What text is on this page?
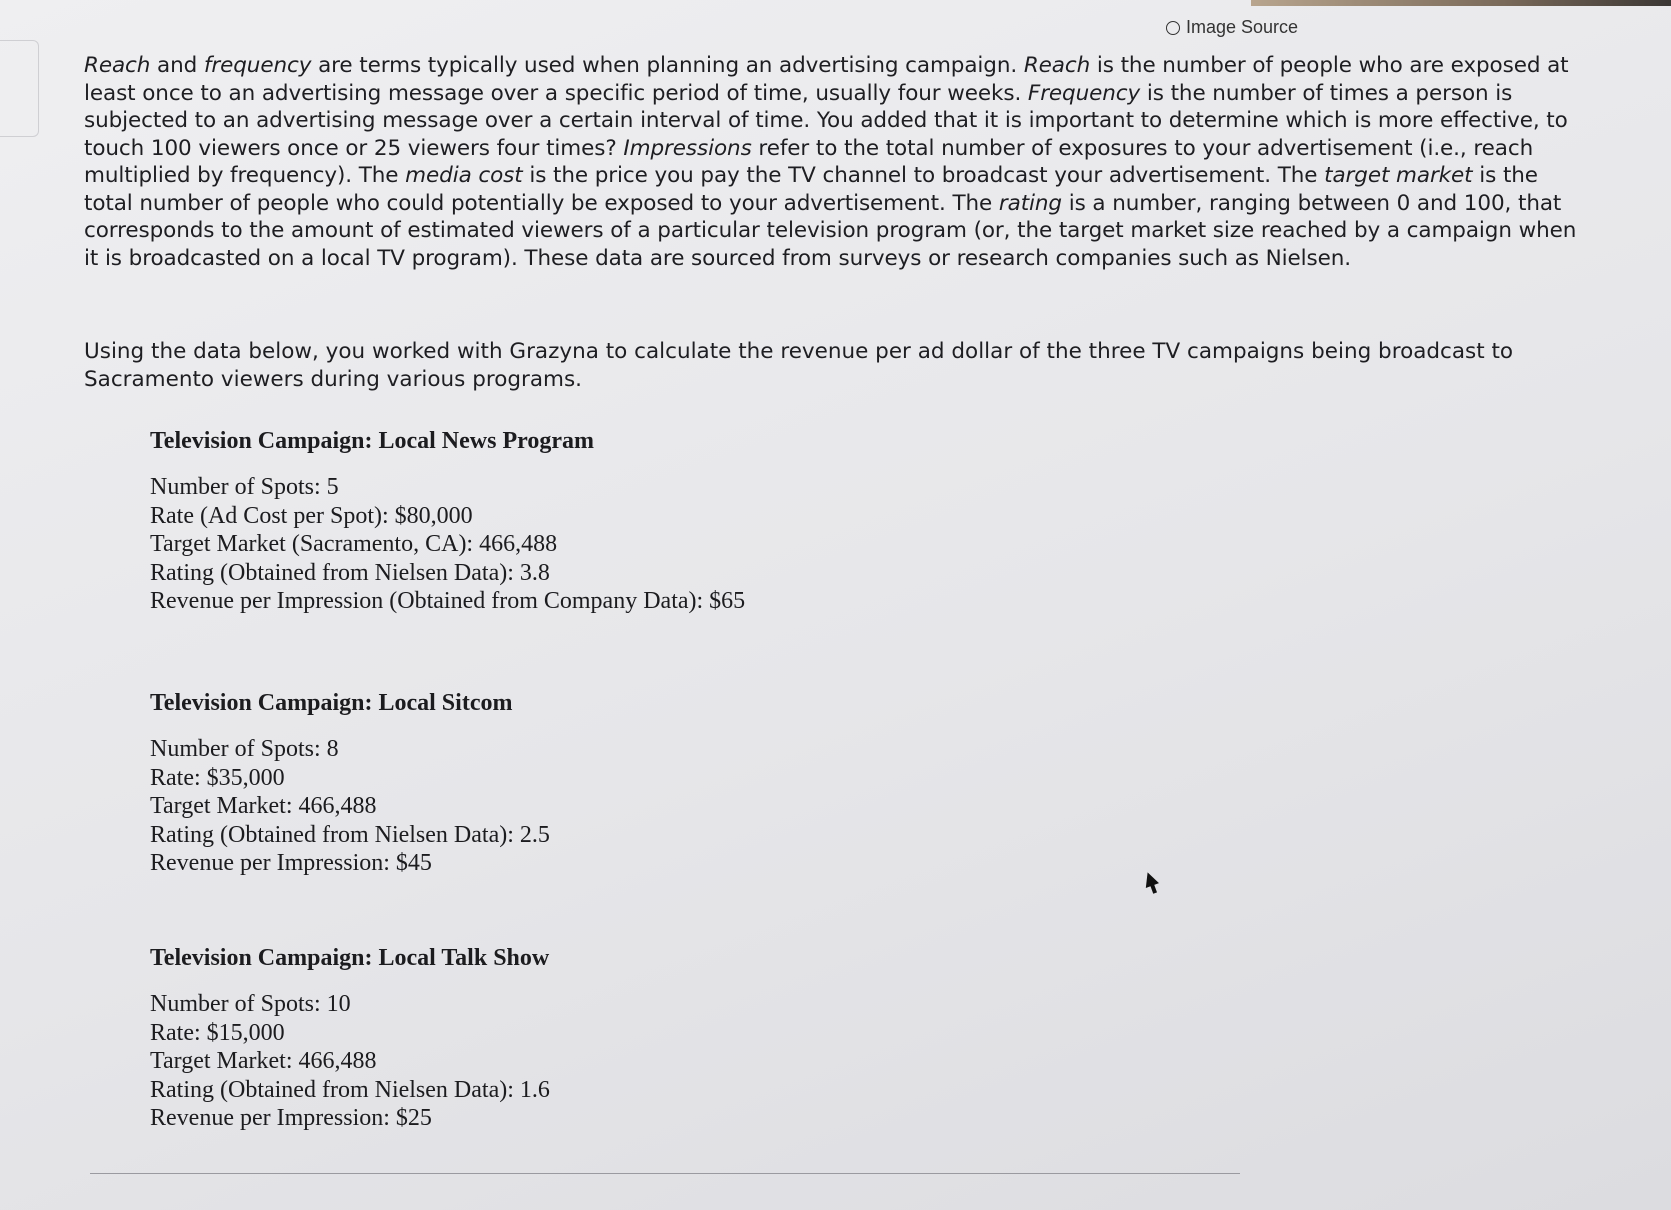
Image Source

Reach and frequency are terms typically used when planning an advertising campaign. Reach is the number of people who are exposed at least once to an advertising message over a specific period of time, usually four weeks. Frequency is the number of times a person is subjected to an advertising message over a certain interval of time. You added that it is important to determine which is more effective, to touch 100 viewers once or 25 viewers four times? Impressions refer to the total number of exposures to your advertisement (i.e., reach multiplied by frequency). The media cost is the price you pay the TV channel to broadcast your advertisement. The target market is the total number of people who could potentially be exposed to your advertisement. The rating is a number, ranging between 0 and 100, that corresponds to the amount of estimated viewers of a particular television program (or, the target market size reached by a campaign when it is broadcasted on a local TV program). These data are sourced from surveys or research companies such as Nielsen.

Using the data below, you worked with Grazyna to calculate the revenue per ad dollar of the three TV campaigns being broadcast to Sacramento viewers during various programs.

Television Campaign: Local News Program
Number of Spots: 5
Rate (Ad Cost per Spot): $80,000
Target Market (Sacramento, CA): 466,488
Rating (Obtained from Nielsen Data): 3.8
Revenue per Impression (Obtained from Company Data): $65
Television Campaign: Local Sitcom
Number of Spots: 8
Rate: $35,000
Target Market: 466,488
Rating (Obtained from Nielsen Data): 2.5
Revenue per Impression: $45
Television Campaign: Local Talk Show
Number of Spots: 10
Rate: $15,000
Target Market: 466,488
Rating (Obtained from Nielsen Data): 1.6
Revenue per Impression: $25
